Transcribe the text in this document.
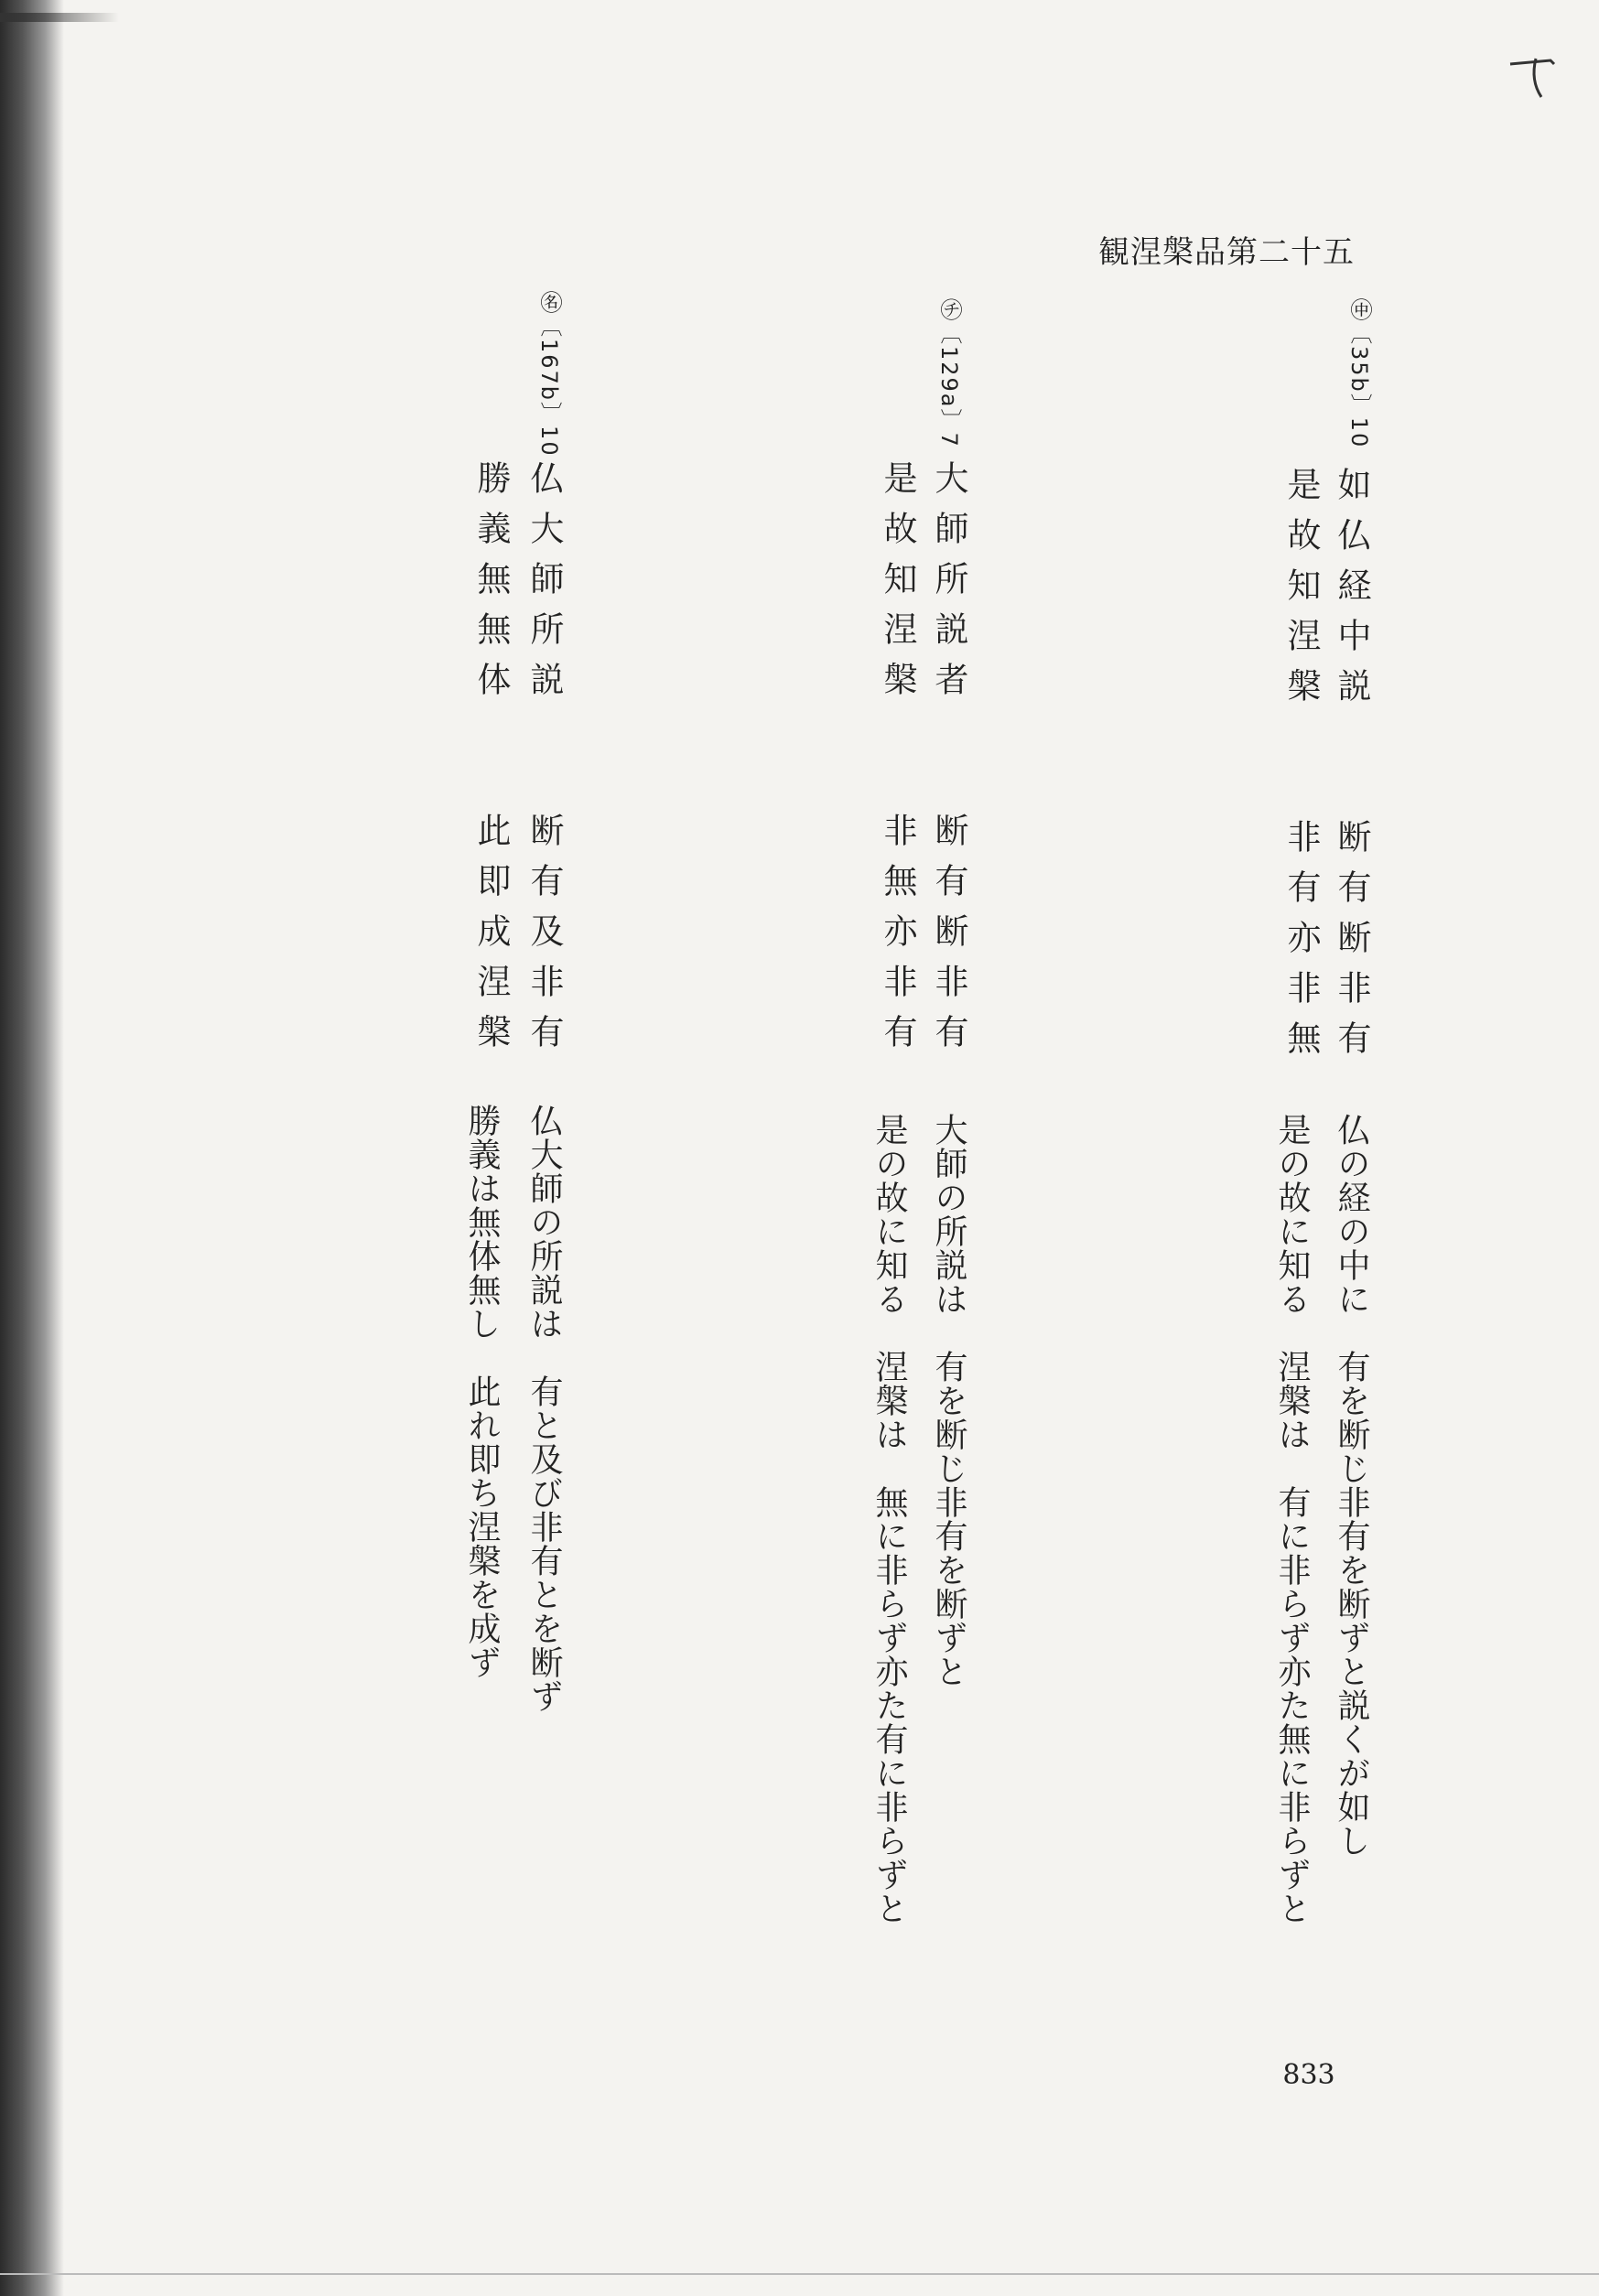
観涅槃品第二十五
㊥〔35b〕10
如仏経中説　　断有断非有
是故知涅槃　　非有亦非無
仏の経の中に　有を断じ非有を断ずと説くが如し
是の故に知る　涅槃は　有に非らず亦た無に非らずと
㋠〔129a〕7
大師所説者　　断有断非有
是故知涅槃　　非無亦非有
大師の所説は　有を断じ非有を断ずと
是の故に知る　涅槃は　無に非らず亦た有に非らずと
㊔〔167b〕10
仏大師所説　　断有及非有
勝義無無体　　此即成涅槃
仏大師の所説は　有と及び非有とを断ず
勝義は無体無し　此れ即ち涅槃を成ず
833
